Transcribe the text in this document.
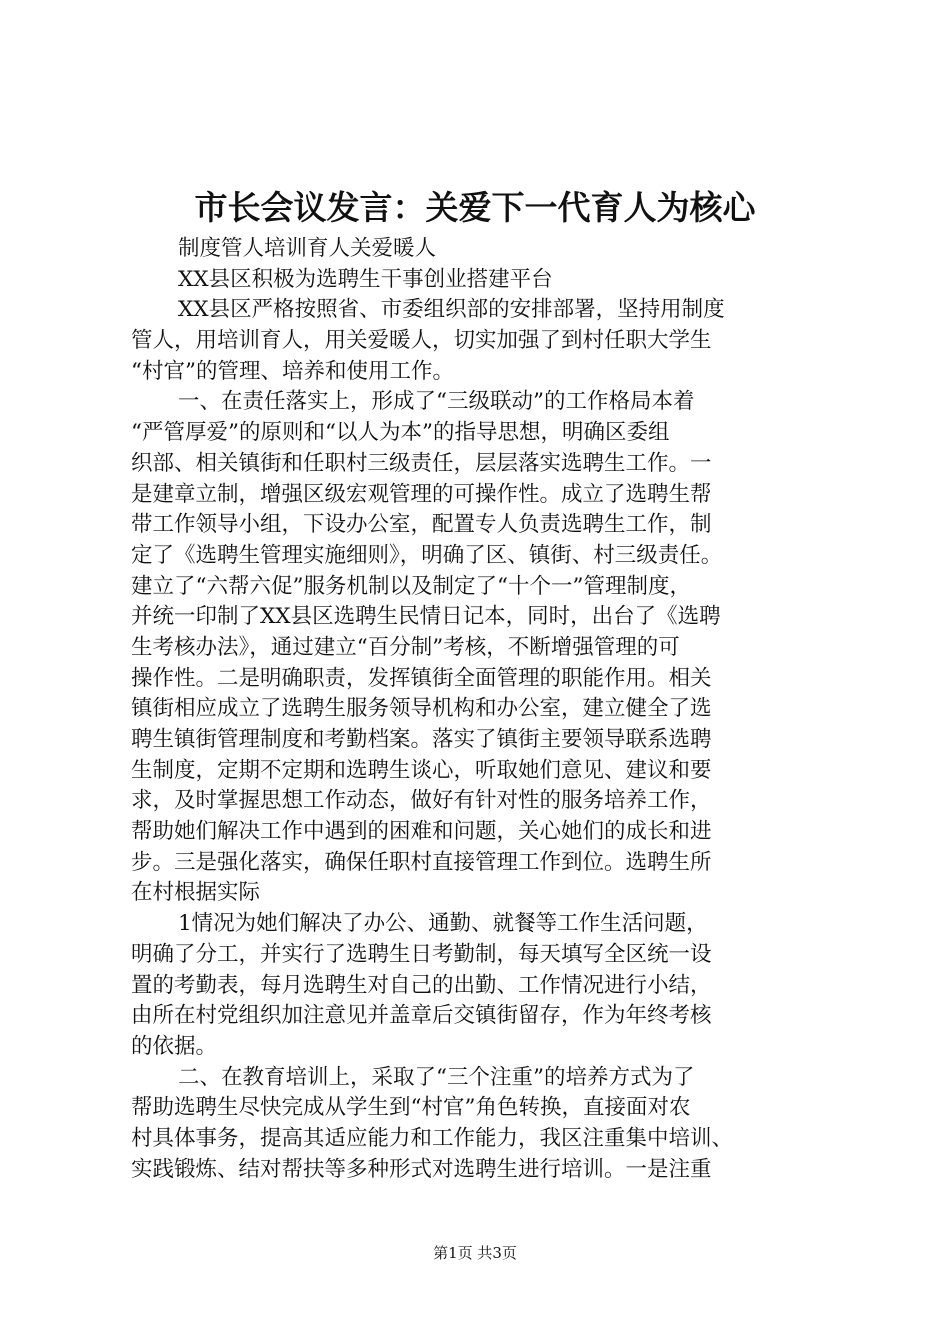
市长会议发言：关爱下一代育人为核心
制度管人培训育人关爱暖人
XX县区积极为选聘生干事创业搭建平台
XX县区严格按照省、市委组织部的安排部署，坚持用制度
管人，用培训育人，用关爱暖人，切实加强了到村任职大学生
“村官”的管理、培养和使用工作。
一、在责任落实上，形成了“三级联动”的工作格局本着
“严管厚爱”的原则和“以人为本”的指导思想，明确区委组
织部、相关镇街和任职村三级责任，层层落实选聘生工作。一
是建章立制，增强区级宏观管理的可操作性。成立了选聘生帮
带工作领导小组，下设办公室，配置专人负责选聘生工作，制
定了《选聘生管理实施细则》，明确了区、镇街、村三级责任。
建立了“六帮六促”服务机制以及制定了“十个一”管理制度，
并统一印制了XX县区选聘生民情日记本，同时，出台了《选聘
生考核办法》，通过建立“百分制”考核，不断增强管理的可
操作性。二是明确职责，发挥镇街全面管理的职能作用。相关
镇街相应成立了选聘生服务领导机构和办公室，建立健全了选
聘生镇街管理制度和考勤档案。落实了镇街主要领导联系选聘
生制度，定期不定期和选聘生谈心，听取她们意见、建议和要
求，及时掌握思想工作动态，做好有针对性的服务培养工作，
帮助她们解决工作中遇到的困难和问题，关心她们的成长和进
步。三是强化落实，确保任职村直接管理工作到位。选聘生所
在村根据实际
1情况为她们解决了办公、通勤、就餐等工作生活问题，
明确了分工，并实行了选聘生日考勤制，每天填写全区统一设
置的考勤表，每月选聘生对自己的出勤、工作情况进行小结，
由所在村党组织加注意见并盖章后交镇街留存，作为年终考核
的依据。
二、在教育培训上，采取了“三个注重”的培养方式为了
帮助选聘生尽快完成从学生到“村官”角色转换，直接面对农
村具体事务，提高其适应能力和工作能力，我区注重集中培训、
实践锻炼、结对帮扶等多种形式对选聘生进行培训。一是注重
第1页 共3页
